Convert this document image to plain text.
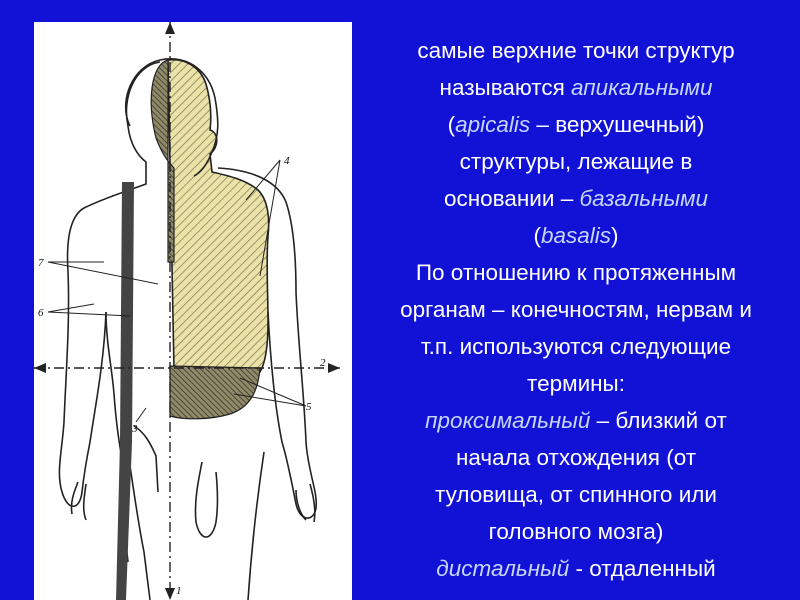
4
7
6
2
5
3
1
самые верхние точки структур
называются апикальными
(apicalis – верхушечный)
структуры, лежащие в
основании – базальными
(basalis)
По отношению к протяженным
органам – конечностям, нервам и
т.п. используются следующие
термины:
проксимальный – близкий от
начала отхождения (от
туловища, от спинного или
головного мозга)
дистальный - отдаленный
